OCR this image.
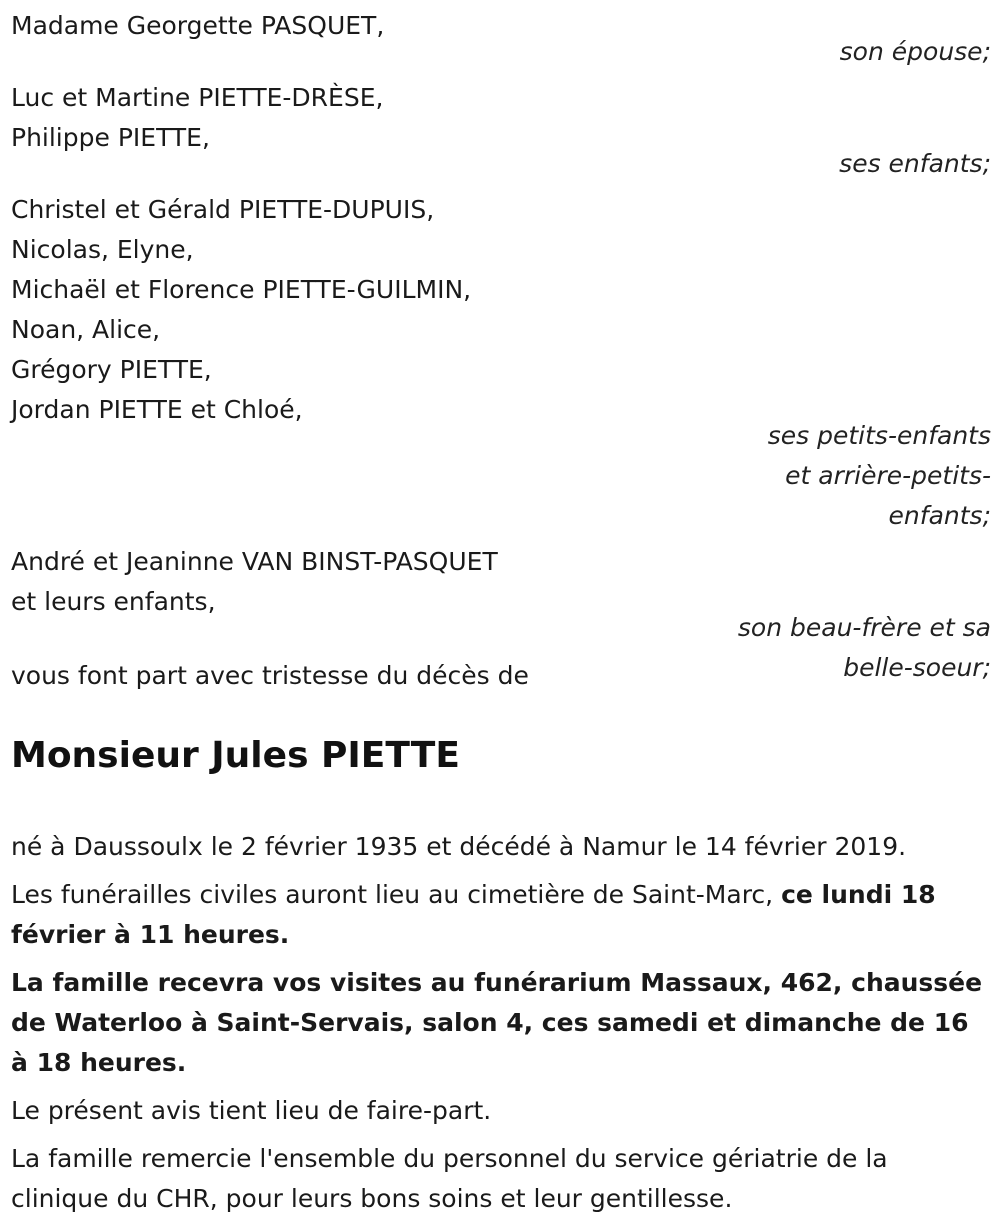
Madame Georgette PASQUET,
son épouse;
Luc et Martine PIETTE-DRÈSE,
Philippe PIETTE,
ses enfants;
Christel et Gérald PIETTE-DUPUIS,
Nicolas, Elyne,
Michaël et Florence PIETTE-GUILMIN,
Noan, Alice,
Grégory PIETTE,
Jordan PIETTE et Chloé,
ses petits-enfants
et arrière-petits-
enfants;
André et Jeaninne VAN BINST-PASQUET
et leurs enfants,
son beau-frère et sa
belle-soeur;
vous font part avec tristesse du décès de
Monsieur Jules PIETTE

né à Daussoulx le 2 février 1935 et décédé à Namur le 14 février 2019.

Les funérailles civiles auront lieu au cimetière de Saint-Marc, ce lundi 18 février à 11 heures.

La famille recevra vos visites au funérarium Massaux, 462, chaussée de Waterloo à Saint-Servais, salon 4, ces samedi et dimanche de 16 à 18 heures.

Le présent avis tient lieu de faire-part.

La famille remercie l'ensemble du personnel du service gériatrie de la clinique du CHR, pour leurs bons soins et leur gentillesse.
